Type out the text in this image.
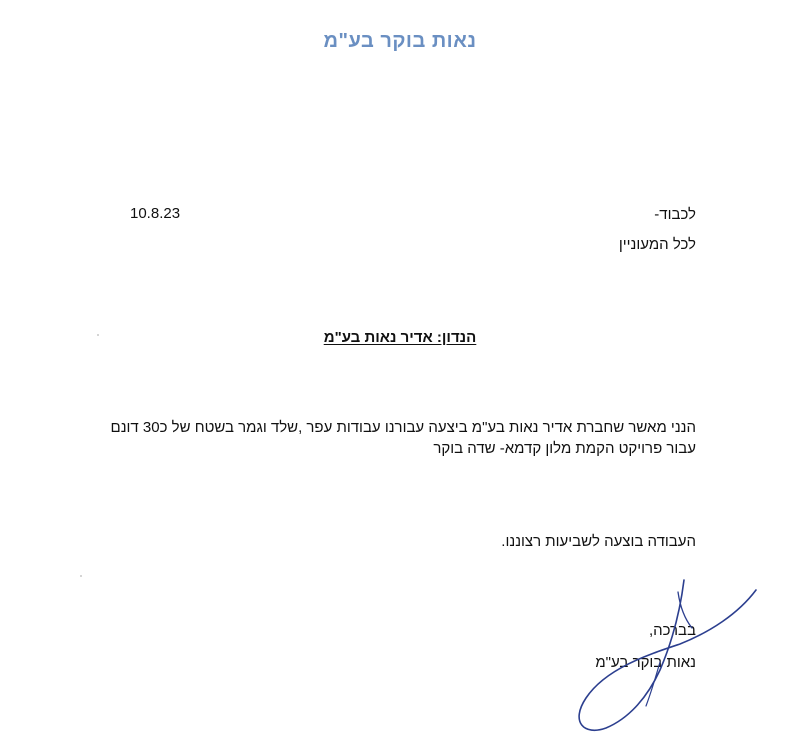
נאות בוקר בע"מ
לכבוד-
10.8.23
לכל המעוניין
הנדון: אדיר נאות בע"מ

הנני מאשר שחברת אדיר נאות בע"מ ביצעה עבורנו עבודות עפר ,שלד וגמר בשטח של כ30 דונם

עבור פרויקט הקמת מלון קדמא- שדה בוקר

העבודה בוצעה לשביעות רצוננו.
בברכה,
נאות בוקר בע"מ
